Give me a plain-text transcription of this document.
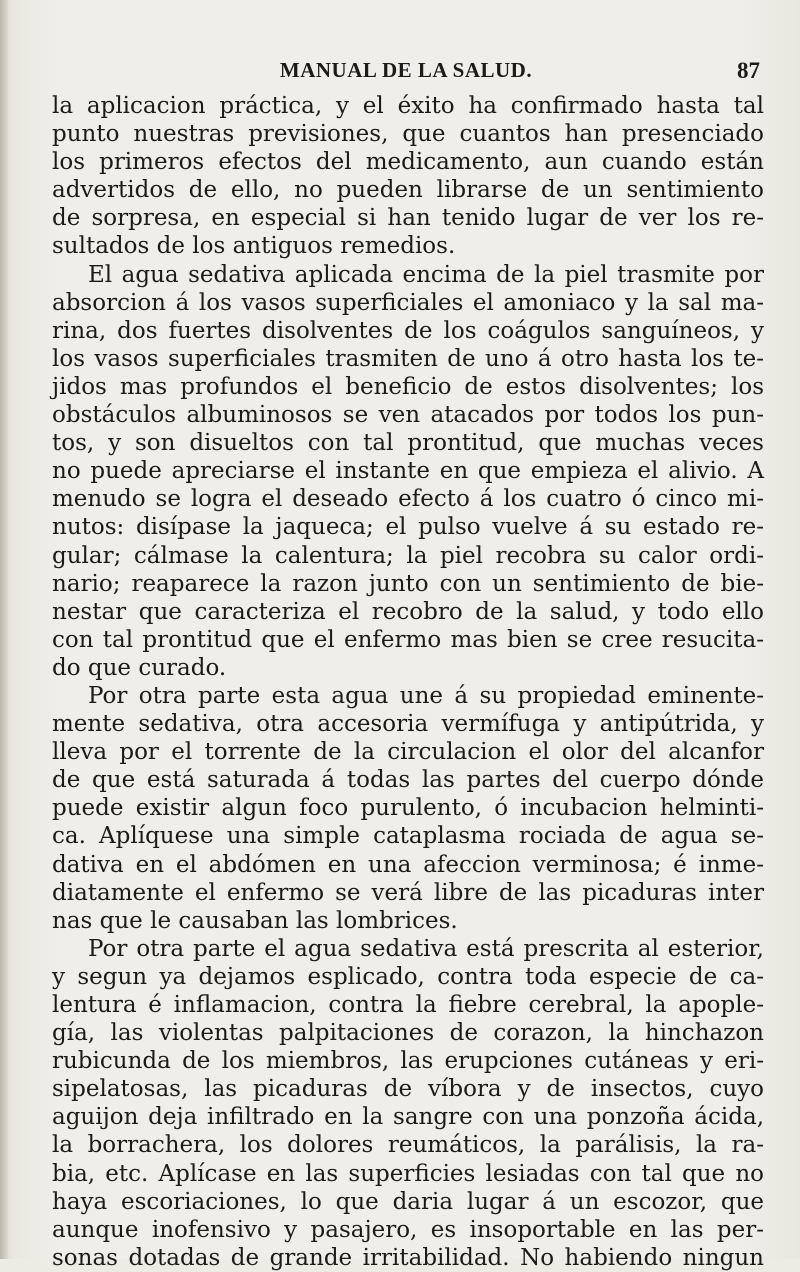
MANUAL DE LA SALUD.	87
la aplicacion práctica, y el éxito ha confirmado hasta tal
punto nuestras previsiones, que cuantos han presenciado
los primeros efectos del medicamento, aun cuando están
advertidos de ello, no pueden librarse de un sentimiento
de sorpresa, en especial si han tenido lugar de ver los re-
sultados de los antiguos remedios.
El agua sedativa aplicada encima de la piel trasmite por
absorcion á los vasos superficiales el amoniaco y la sal ma-
rina, dos fuertes disolventes de los coágulos sanguíneos, y
los vasos superficiales trasmiten de uno á otro hasta los te-
jidos mas profundos el beneficio de estos disolventes; los
obstáculos albuminosos se ven atacados por todos los pun-
tos, y son disueltos con tal prontitud, que muchas veces
no puede apreciarse el instante en que empieza el alivio. A
menudo se logra el deseado efecto á los cuatro ó cinco mi-
nutos: disípase la jaqueca; el pulso vuelve á su estado re-
gular; cálmase la calentura; la piel recobra su calor ordi-
nario; reaparece la razon junto con un sentimiento de bie-
nestar que caracteriza el recobro de la salud, y todo ello
con tal prontitud que el enfermo mas bien se cree resucita-
do que curado.
Por otra parte esta agua une á su propiedad eminente-
mente sedativa, otra accesoria vermífuga y antipútrida, y
lleva por el torrente de la circulacion el olor del alcanfor
de que está saturada á todas las partes del cuerpo dónde
puede existir algun foco purulento, ó incubacion helminti-
ca. Aplíquese una simple cataplasma rociada de agua se-
dativa en el abdómen en una afeccion verminosa; é inme-
diatamente el enfermo se verá libre de las picaduras inter
nas que le causaban las lombrices.
Por otra parte el agua sedativa está prescrita al esterior,
y segun ya dejamos esplicado, contra toda especie de ca-
lentura é inflamacion, contra la fiebre cerebral, la apople-
gía, las violentas palpitaciones de corazon, la hinchazon
rubicunda de los miembros, las erupciones cutáneas y eri-
sipelatosas, las picaduras de víbora y de insectos, cuyo
aguijon deja infiltrado en la sangre con una ponzoña ácida,
la borrachera, los dolores reumáticos, la parálisis, la ra-
bia, etc. Aplícase en las superficies lesiadas con tal que no
haya escoriaciones, lo que daria lugar á un escozor, que
aunque inofensivo y pasajero, es insoportable en las per-
sonas dotadas de grande irritabilidad. No habiendo ningun
